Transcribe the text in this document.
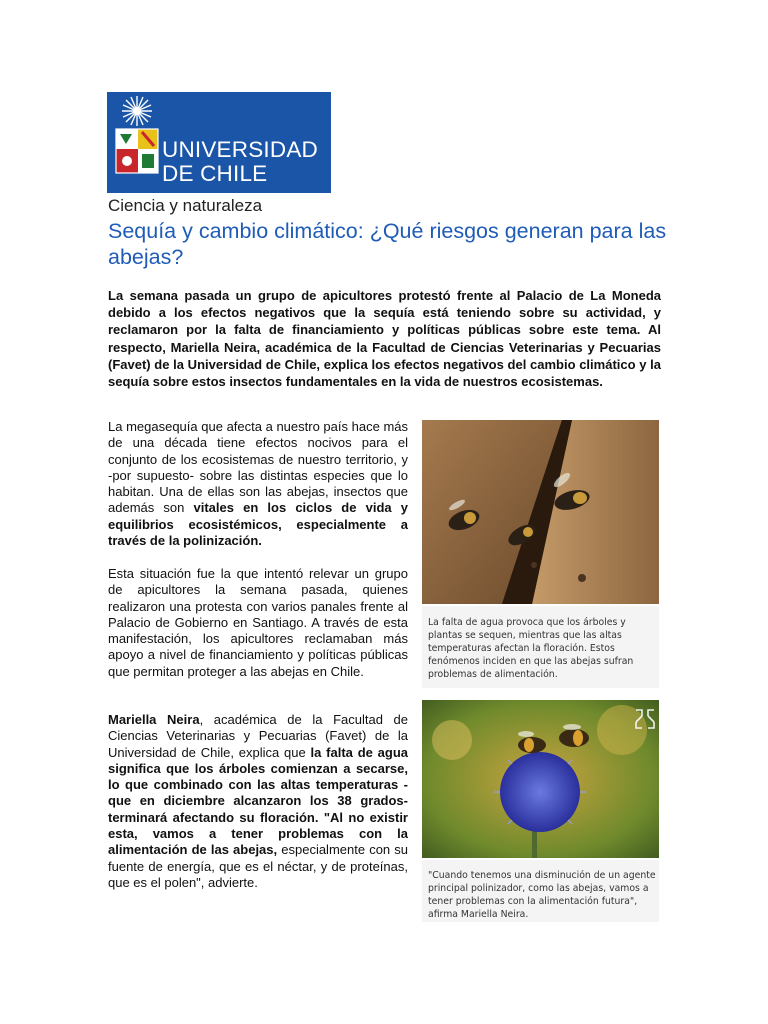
UNIVERSIDAD
DE CHILE
Ciencia y naturaleza
Sequía y cambio climático: ¿Qué riesgos generan para las abejas?
La semana pasada un grupo de apicultores protestó frente al Palacio de La Moneda debido a los efectos negativos que la sequía está teniendo sobre su actividad, y reclamaron por la falta de financiamiento y políticas públicas sobre este tema. Al respecto, Mariella Neira, académica de la Facultad de Ciencias Veterinarias y Pecuarias (Favet) de la Universidad de Chile, explica los efectos negativos del cambio climático y la sequía sobre estos insectos fundamentales en la vida de nuestros ecosistemas.
La megasequía que afecta a nuestro país hace más de una década tiene efectos nocivos para el conjunto de los ecosistemas de nuestro territorio, y -por supuesto- sobre las distintas especies que lo habitan. Una de ellas son las abejas, insectos que además son vitales en los ciclos de vida y equilibrios ecosistémicos, especialmente a través de la polinización.
Esta situación fue la que intentó relevar un grupo de apicultores la semana pasada, quienes realizaron una protesta con varios panales frente al Palacio de Gobierno en Santiago. A través de esta manifestación, los apicultores reclamaban más apoyo a nivel de financiamiento y políticas públicas que permitan proteger a las abejas en Chile.
Mariella Neira, académica de la Facultad de Ciencias Veterinarias y Pecuarias (Favet) de la Universidad de Chile, explica que la falta de agua significa que los árboles comienzan a secarse, lo que combinado con las altas temperaturas -que en diciembre alcanzaron los 38 grados- terminará afectando su floración. "Al no existir esta, vamos a tener problemas con la alimentación de las abejas, especialmente con su fuente de energía, que es el néctar, y de proteínas, que es el polen", advierte.
La falta de agua provoca que los árboles y plantas se sequen, mientras que las altas temperaturas afectan la floración. Estos fenómenos inciden en que las abejas sufran problemas de alimentación.
"Cuando tenemos una disminución de un agente principal polinizador, como las abejas, vamos a tener problemas con la alimentación futura", afirma Mariella Neira.
